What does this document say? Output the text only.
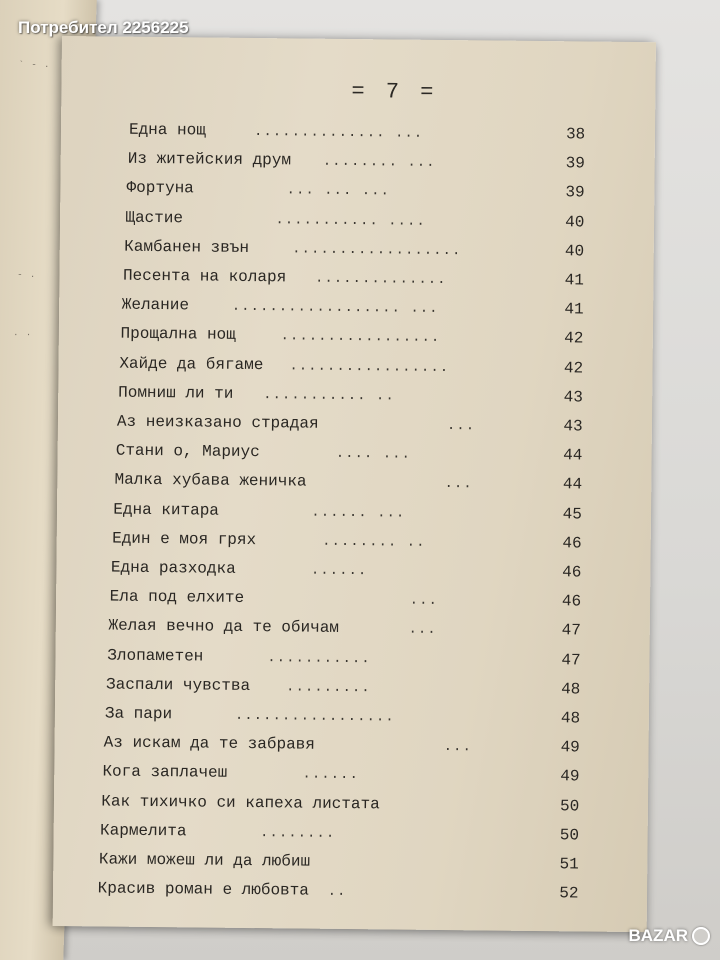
` - .
- .
· ·
= 7 =
Една нощ	.............. ...	38
Из житейския друм ........ ...	39
Фортуна	... ... ...	39
Щастие	........... ....	40
Камбанен звън	..................	40
Песента на коларя ..............	41
Желание	.................. ...	41
Прощална нощ	.................	42
Хайде да бягаме .................	42
Помниш ли ти ........... ..	43
Аз неизказано страдая	...	43
Стани о, Мариус	.... ...	44
Малка хубава женичка	...	44
Една китара	...... ...	45
Един е моя грях	........ ..	46
Една разходка	......	46
Ела под елхите	...	46
Желая вечно да те обичам	...	47
Злопаметен	...........	47
Заспали чувства	.........	48
За пари	.................	48
Аз искам да те забравя	...	49
Кога заплачеш	......	49
Как тихичко си капеха листата	50
Кармелита	........	50
Кажи можеш ли да любиш	51
Красив роман е любовта ..	52
Потребител 2256225
BAZAR
